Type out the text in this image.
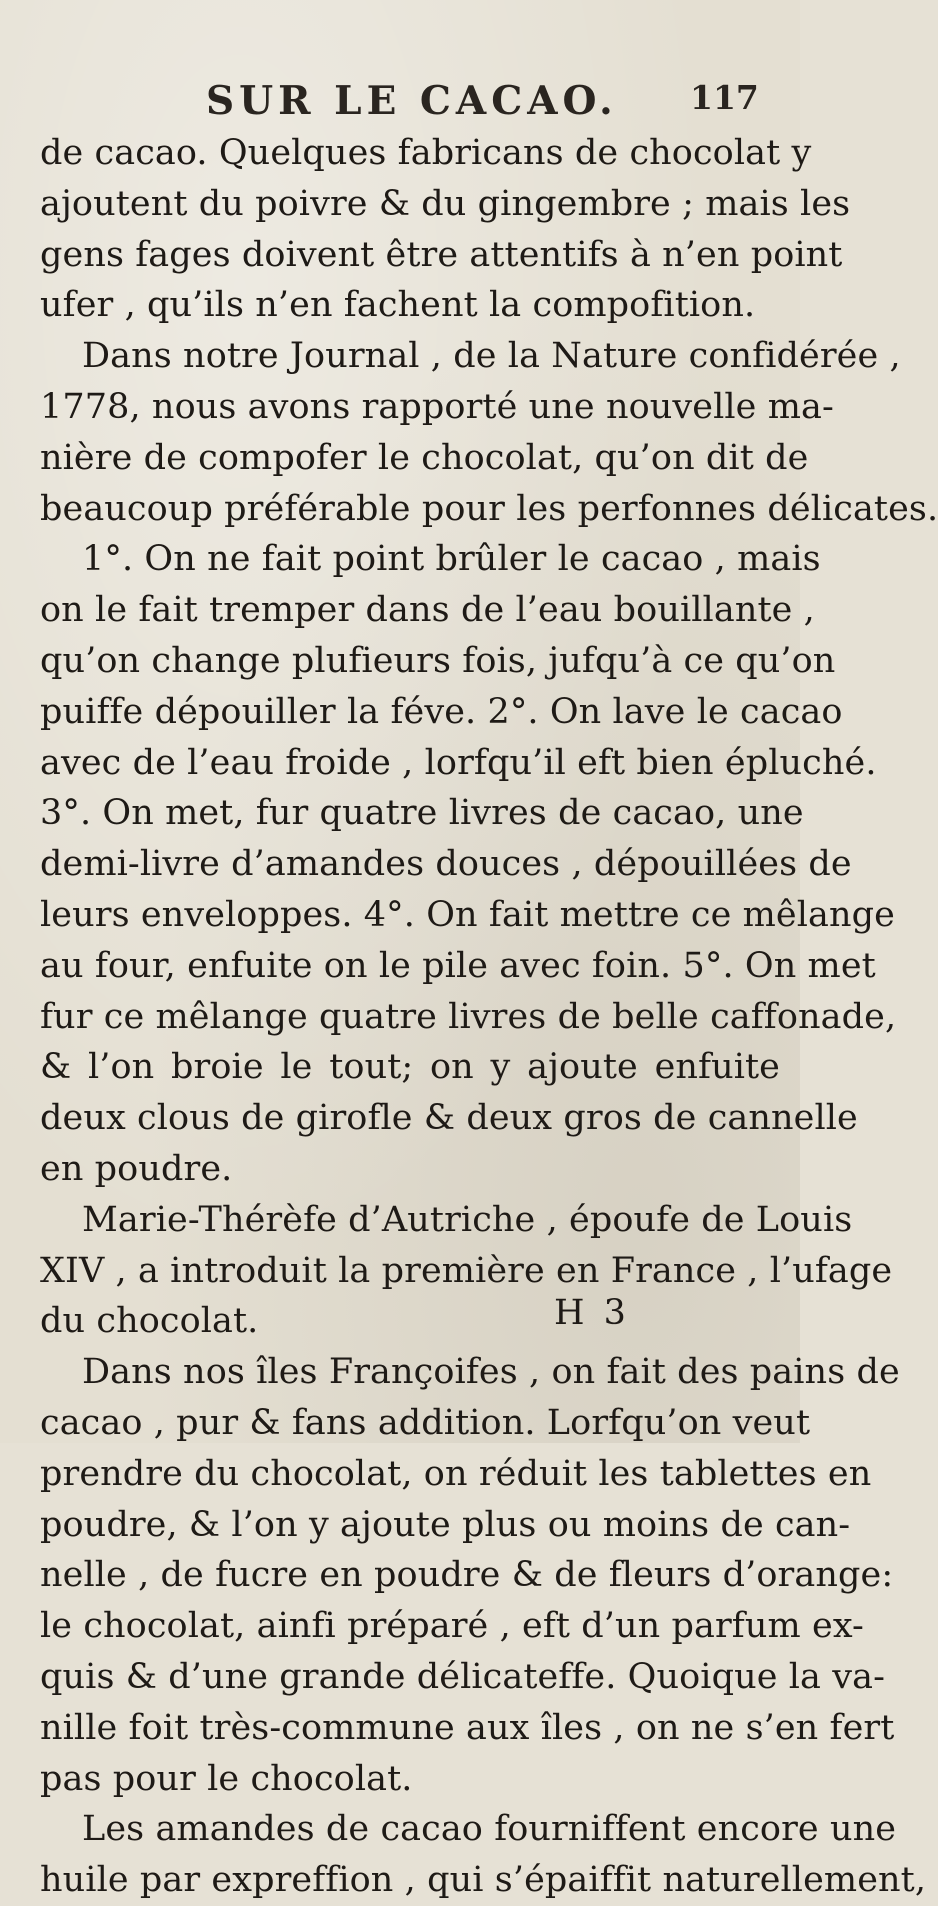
SUR LE CACAO. 117
de cacao. Quelques fabricans de chocolat y
ajoutent du poivre & du gingembre ; mais les
gens fages doivent être attentifs à n’en point
ufer , qu’ils n’en fachent la compofition.
Dans notre Journal , de la Nature confidérée ,
1778, nous avons rapporté une nouvelle ma-
nière de compofer le chocolat, qu’on dit de
beaucoup préférable pour les perfonnes délicates.
1°. On ne fait point brûler le cacao , mais
on le fait tremper dans de l’eau bouillante ,
qu’on change plufieurs fois, jufqu’à ce qu’on
puiffe dépouiller la féve. 2°. On lave le cacao
avec de l’eau froide , lorfqu’il eft bien épluché.
3°. On met, fur quatre livres de cacao, une
demi-livre d’amandes douces , dépouillées de
leurs enveloppes. 4°. On fait mettre ce mêlange
au four, enfuite on le pile avec foin. 5°. On met
fur ce mêlange quatre livres de belle caffonade,
& l’on broie le tout; on y ajoute enfuite
deux clous de girofle & deux gros de cannelle
en poudre.
Marie-Thérèfe d’Autriche , époufe de Louis
XIV , a introduit la première en France , l’ufage
du chocolat.
Dans nos îles Françoifes , on fait des pains de
cacao , pur & fans addition. Lorfqu’on veut
prendre du chocolat, on réduit les tablettes en
poudre, & l’on y ajoute plus ou moins de can-
nelle , de fucre en poudre & de fleurs d’orange:
le chocolat, ainfi préparé , eft d’un parfum ex-
quis & d’une grande délicateffe. Quoique la va-
nille foit très-commune aux îles , on ne s’en fert
pas pour le chocolat.
Les amandes de cacao fourniffent encore une
huile par expreffion , qui s’épaiffit naturellement,
H 3
